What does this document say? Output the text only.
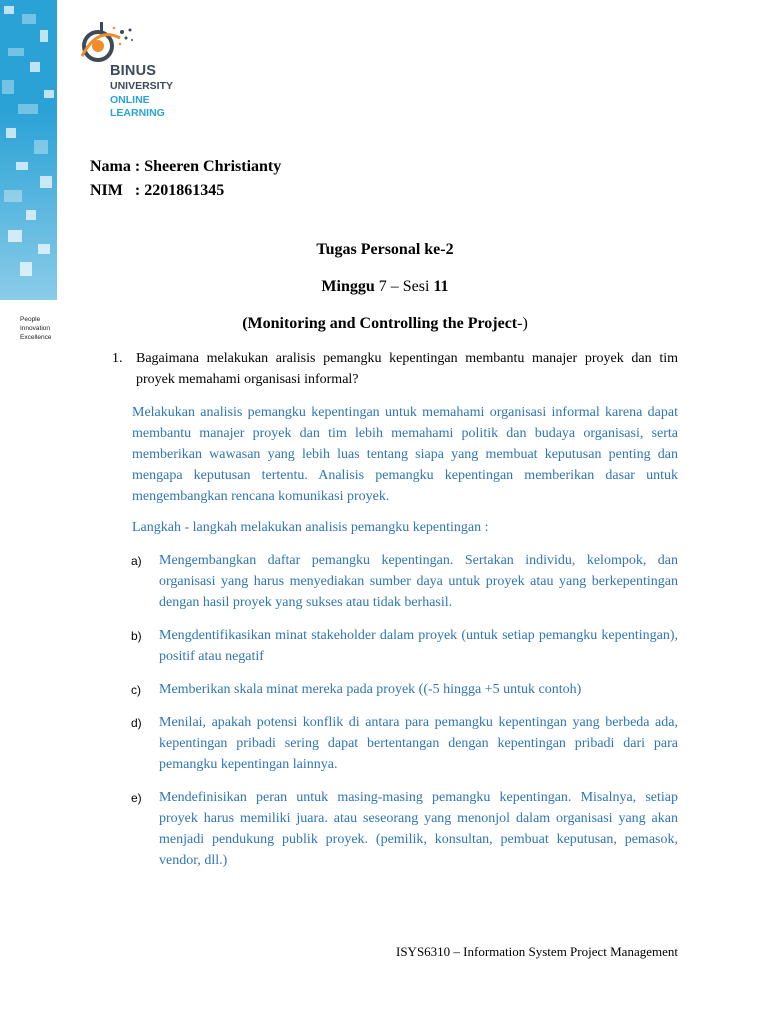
People
Innovation
Excellence
BINUS
UNIVERSITY
ONLINE
LEARNING
Nama : Sheeren Christianty
NIM   : 2201861345
Tugas Personal ke-2
Minggu 7 – Sesi 11
(Monitoring and Controlling the Project-)
1. Bagaimana melakukan aralisis pemangku kepentingan membantu manajer proyek dan tim proyek memahami organisasi informal?
Melakukan analisis pemangku kepentingan untuk memahami organisasi informal karena dapat membantu manajer proyek dan tim lebih memahami politik dan budaya organisasi, serta memberikan wawasan yang lebih luas tentang siapa yang membuat keputusan penting dan mengapa keputusan tertentu. Analisis pemangku kepentingan memberikan dasar untuk mengembangkan rencana komunikasi proyek.
Langkah - langkah melakukan analisis pemangku kepentingan :
a) Mengembangkan daftar pemangku kepentingan. Sertakan individu, kelompok, dan organisasi yang harus menyediakan sumber daya untuk proyek atau yang berkepentingan dengan hasil proyek yang sukses atau tidak berhasil.
b) Mengdentifikasikan minat stakeholder dalam proyek (untuk setiap pemangku kepentingan), positif atau negatif
c) Memberikan skala minat mereka pada proyek ((-5 hingga +5 untuk contoh)
d) Menilai, apakah potensi konflik di antara para pemangku kepentingan yang berbeda ada, kepentingan pribadi sering dapat bertentangan dengan kepentingan pribadi dari para pemangku kepentingan lainnya.
e) Mendefinisikan peran untuk masing-masing pemangku kepentingan. Misalnya, setiap proyek harus memiliki juara. atau seseorang yang menonjol dalam organisasi yang akan menjadi pendukung publik proyek. (pemilik, konsultan, pembuat keputusan, pemasok, vendor, dll.)
ISYS6310 – Information System Project Management
